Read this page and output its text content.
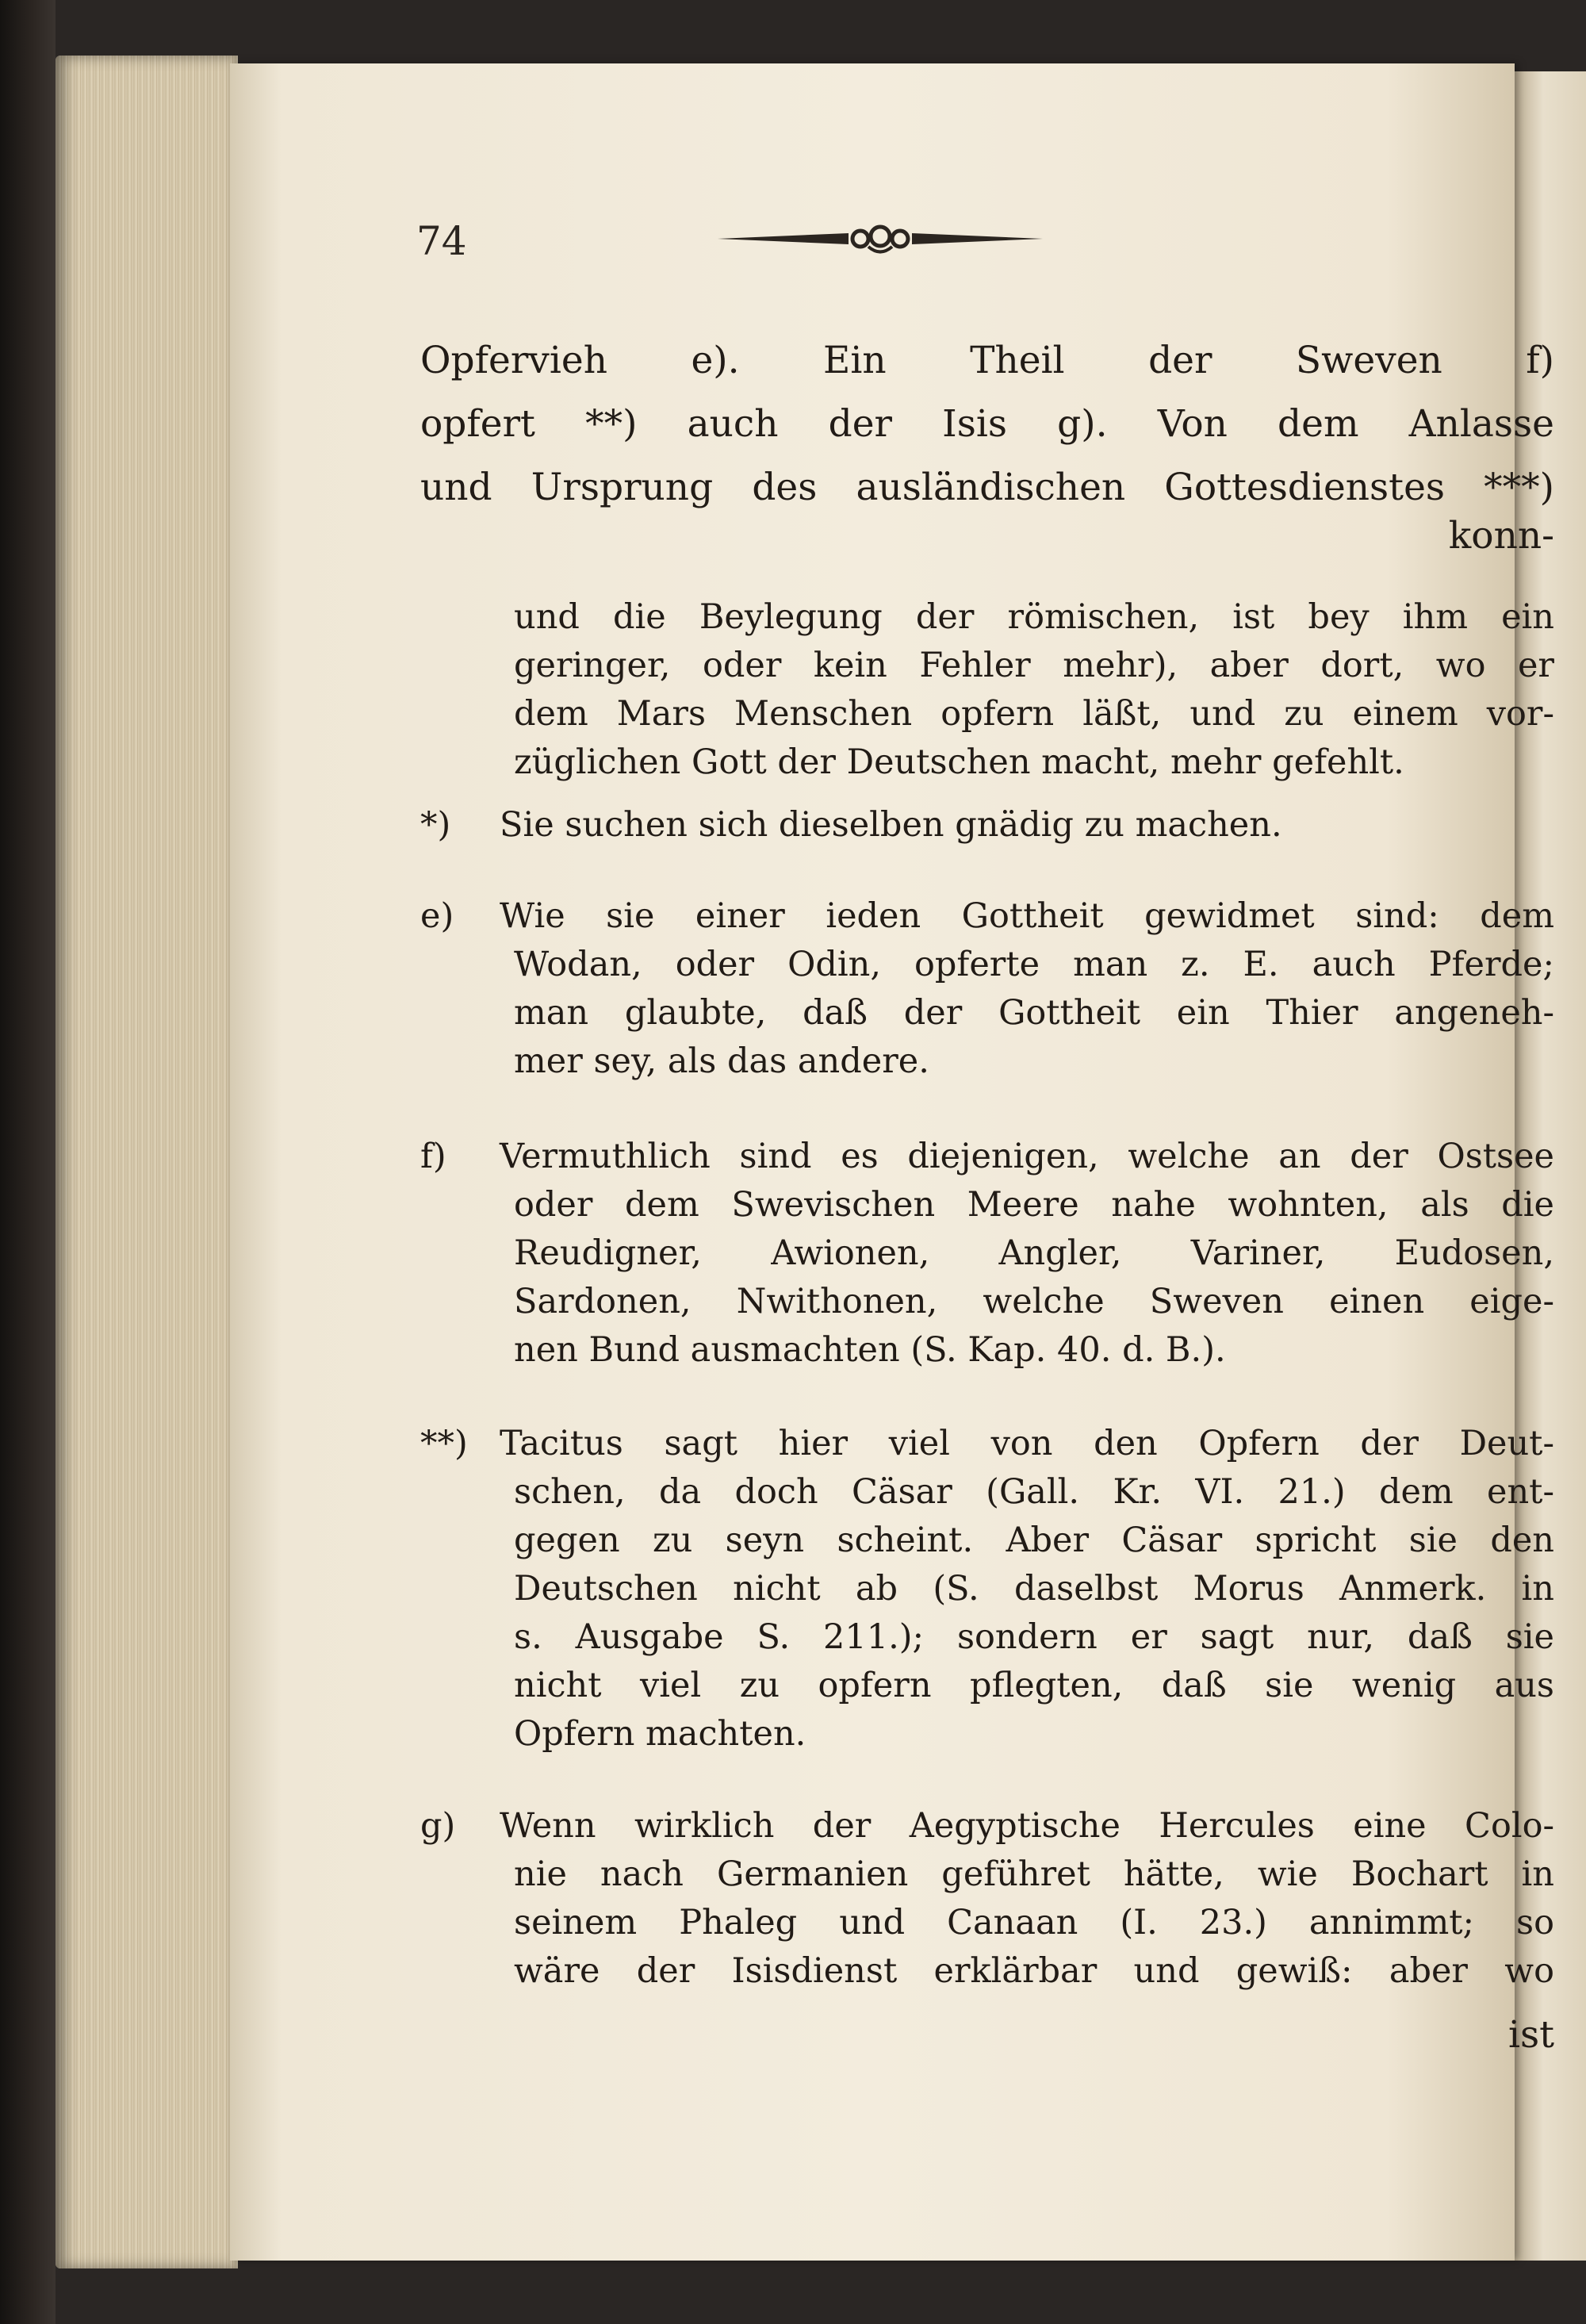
74

Opfervieh e). Ein Theil der Sweven f)

opfert **) auch der Isis g). Von dem Anlasse

und Ursprung des ausländischen Gottesdienstes ***)

konn-

und die Beylegung der römischen, ist bey ihm ein

geringer, oder kein Fehler mehr), aber dort, wo er

dem Mars Menschen opfern läßt, und zu einem vor-

züglichen Gott der Deutschen macht, mehr gefehlt.

*) Sie suchen sich dieselben gnädig zu machen.

e) Wie sie einer ieden Gottheit gewidmet sind: dem

Wodan, oder Odin, opferte man z. E. auch Pferde;

man glaubte, daß der Gottheit ein Thier angeneh-

mer sey, als das andere.

f) Vermuthlich sind es diejenigen, welche an der Ostsee

oder dem Swevischen Meere nahe wohnten, als die

Reudigner, Awionen, Angler, Variner, Eudosen,

Sardonen, Nwithonen, welche Sweven einen eige-

nen Bund ausmachten (S. Kap. 40. d. B.).

**) Tacitus sagt hier viel von den Opfern der Deut-

schen, da doch Cäsar (Gall. Kr. VI. 21.) dem ent-

gegen zu seyn scheint. Aber Cäsar spricht sie den

Deutschen nicht ab (S. daselbst Morus Anmerk. in

s. Ausgabe S. 211.); sondern er sagt nur, daß sie

nicht viel zu opfern pflegten, daß sie wenig aus

Opfern machten.

g) Wenn wirklich der Aegyptische Hercules eine Colo-

nie nach Germanien geführet hätte, wie Bochart in

seinem Phaleg und Canaan (I. 23.) annimmt; so

wäre der Isisdienst erklärbar und gewiß: aber wo

ist
